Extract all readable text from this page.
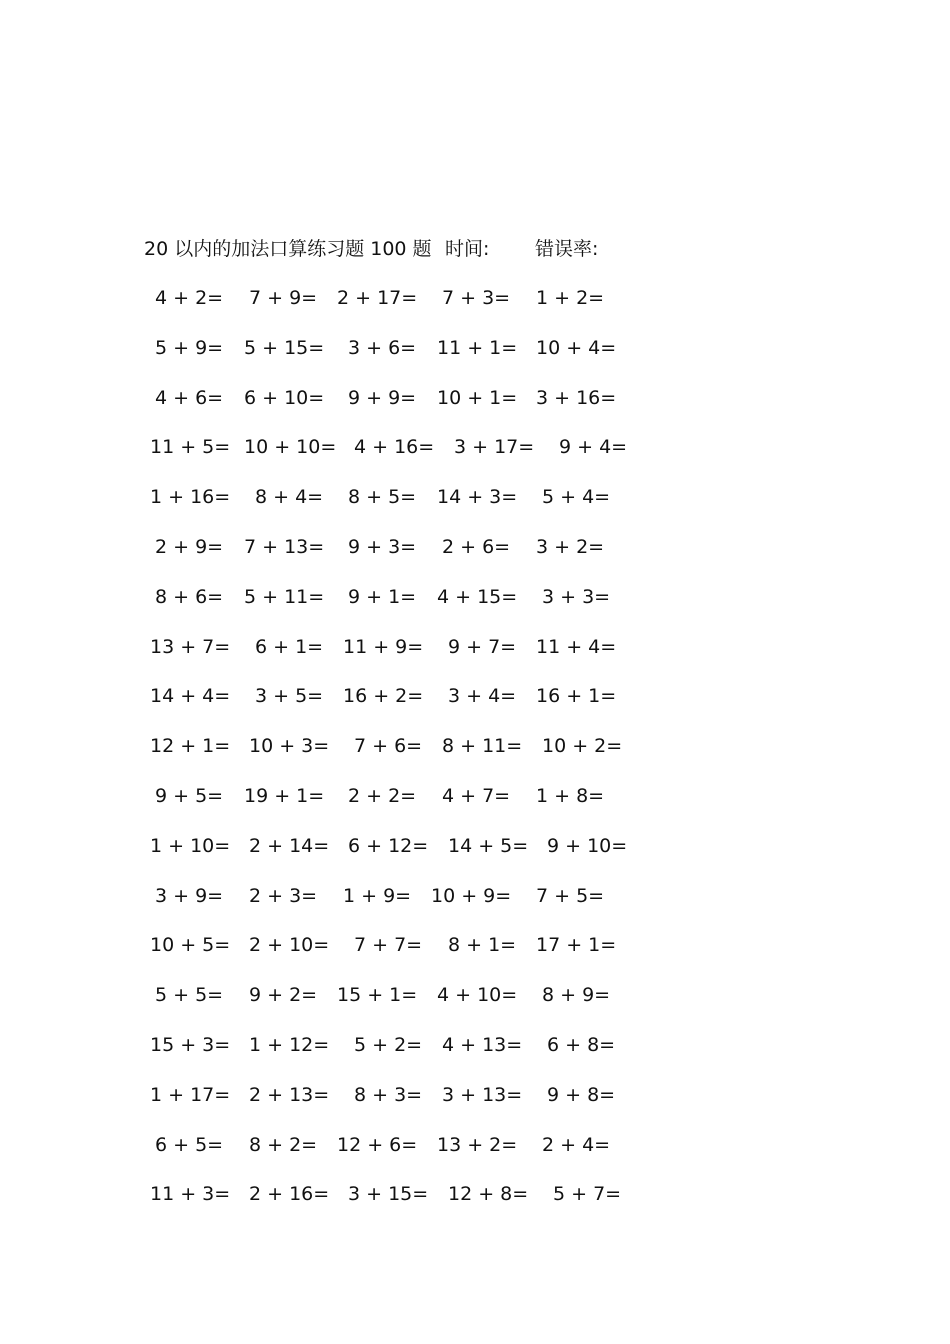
20 以内的加法口算练习题 100 题 时间: 错误率:
4 + 2= 7 + 9= 2 + 17= 7 + 3= 1 + 2=
5 + 9= 5 + 15= 3 + 6= 11 + 1= 10 + 4=
4 + 6= 6 + 10= 9 + 9= 10 + 1= 3 + 16=
11 + 5= 10 + 10= 4 + 16= 3 + 17= 9 + 4=
1 + 16= 8 + 4= 8 + 5= 14 + 3= 5 + 4=
2 + 9= 7 + 13= 9 + 3= 2 + 6= 3 + 2=
8 + 6= 5 + 11= 9 + 1= 4 + 15= 3 + 3=
13 + 7= 6 + 1= 11 + 9= 9 + 7= 11 + 4=
14 + 4= 3 + 5= 16 + 2= 3 + 4= 16 + 1=
12 + 1= 10 + 3= 7 + 6= 8 + 11= 10 + 2=
9 + 5= 19 + 1= 2 + 2= 4 + 7= 1 + 8=
1 + 10= 2 + 14= 6 + 12= 14 + 5= 9 + 10=
3 + 9= 2 + 3= 1 + 9= 10 + 9= 7 + 5=
10 + 5= 2 + 10= 7 + 7= 8 + 1= 17 + 1=
5 + 5= 9 + 2= 15 + 1= 4 + 10= 8 + 9=
15 + 3= 1 + 12= 5 + 2= 4 + 13= 6 + 8=
1 + 17= 2 + 13= 8 + 3= 3 + 13= 9 + 8=
6 + 5= 8 + 2= 12 + 6= 13 + 2= 2 + 4=
11 + 3= 2 + 16= 3 + 15= 12 + 8= 5 + 7=
